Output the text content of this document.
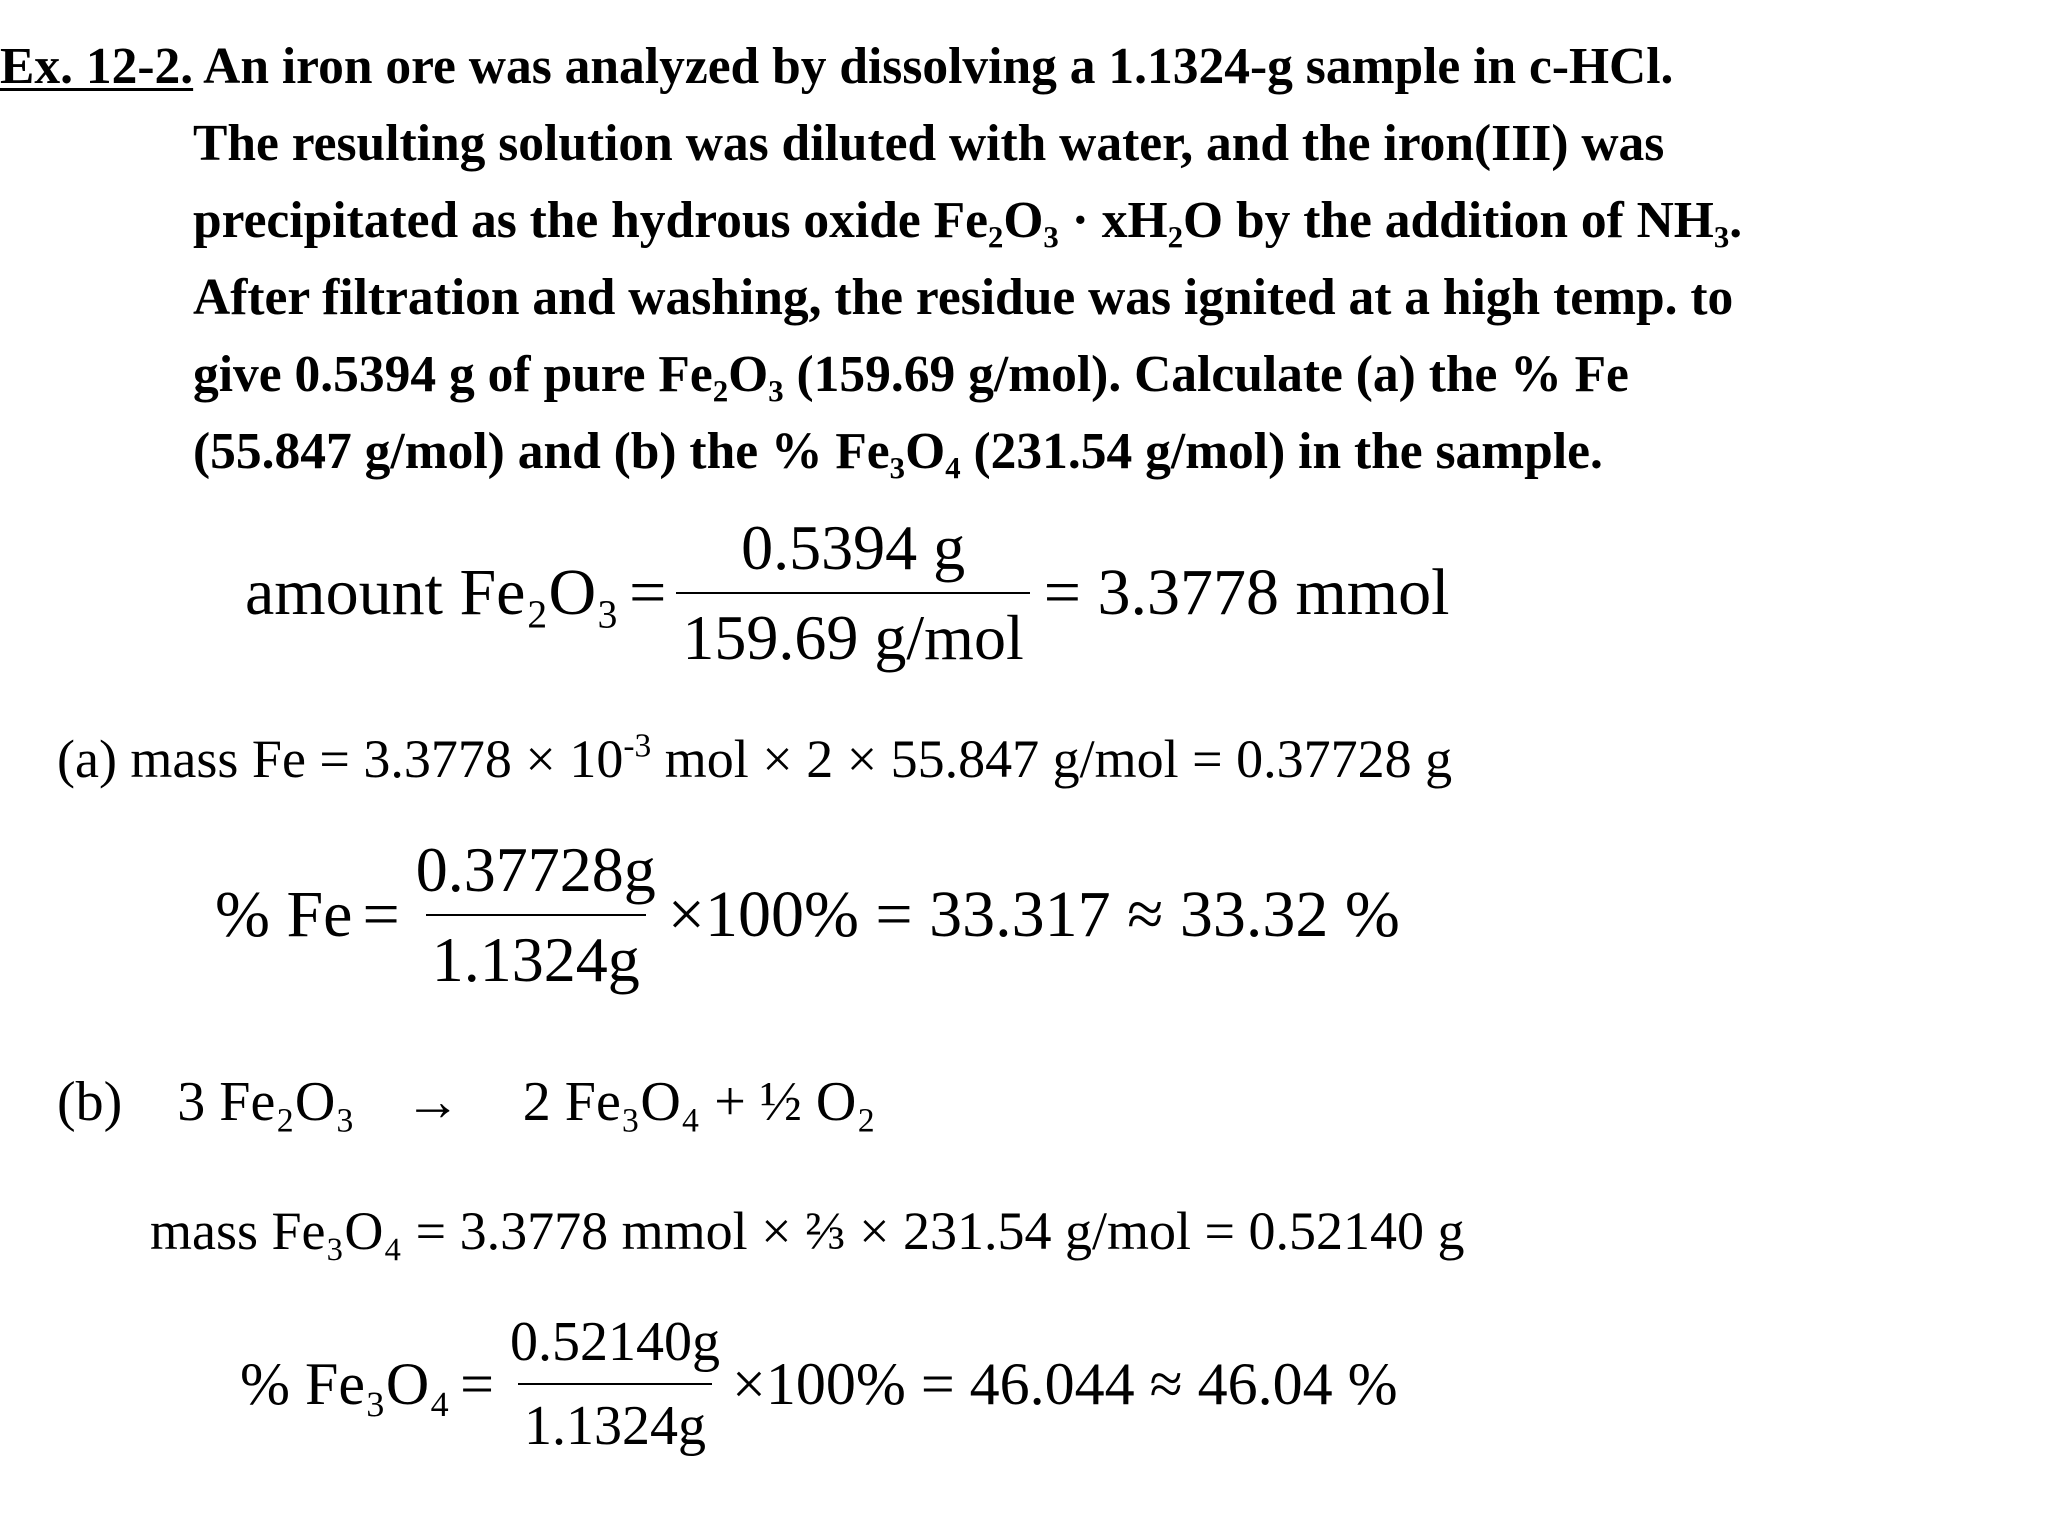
Ex. 12-2. An iron ore was analyzed by dissolving a 1.1324-g sample in c-HCl.
The resulting solution was diluted with water, and the iron(III) was
precipitated as the hydrous oxide Fe₂O₃ · xH₂O by the addition of NH₃.
After filtration and washing, the residue was ignited at a high temp. to
give 0.5394 g of pure Fe₂O₃ (159.69 g/mol). Calculate (a) the % Fe
(55.847 g/mol) and (b) the % Fe₃O₄ (231.54 g/mol) in the sample.
amount $Fe_2O_3 = \frac{0.5394 g}{\text{159.69 g/mol}} = 3.3778$ mmol
(a) mass $Fe = 3.3778 \times 10^{-3}$ mol × 2 × 55.847 g/mol = 0.37728 g
% $Fe = \frac{0.37728g}{1.1324g} \times 100\% = 33.317 \approx 33.32$ %
(b) 3 Fe₂O₃ → 2 Fe₃O₄ + ½ O₂
mass Fe₃O₄ = 3.3778 mmol × ⅔ × 231.54 g/mol = 0.52140 g
% $Fe_3O_4 = \frac{0.52140g}{1.1324g} \times 100\% = 46.044 \approx 46.04$ %
